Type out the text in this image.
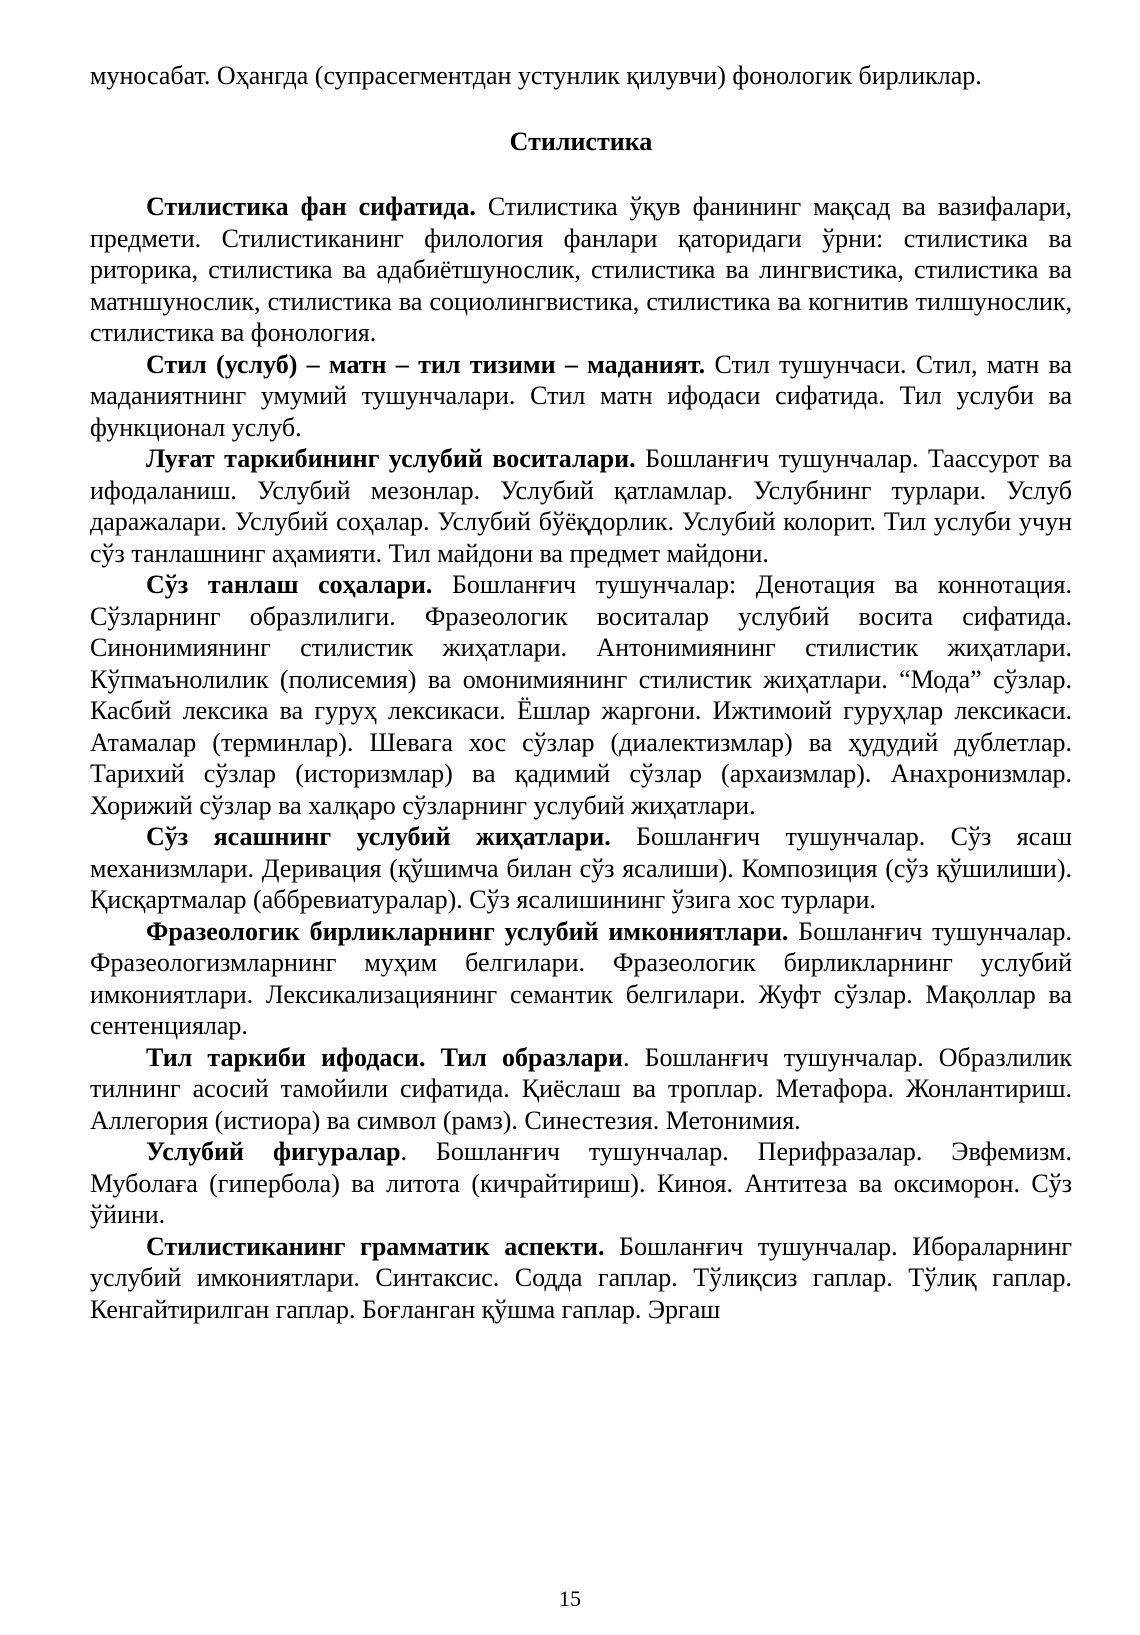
муносабат. Оҳангда (супрасегментдан устунлик қилувчи) фонологик бирликлар.

Стилистика

Стилистика фан сифатида. Стилистика ўқув фанининг мақсад ва вазифалари, предмети. Стилистиканинг филология фанлари қаторидаги ўрни: стилистика ва риторика, стилистика ва адабиётшунослик, стилистика ва лингвистика, стилистика ва матншунослик, стилистика ва социолингвистика, стилистика ва когнитив тилшунослик, стилистика ва фонология.

Стил (услуб) – матн – тил тизими – маданият. Стил тушунчаси. Стил, матн ва маданиятнинг умумий тушунчалари. Стил матн ифодаси сифатида. Тил услуби ва функционал услуб.

Луғат таркибининг услубий воситалари. Бошланғич тушунчалар. Таассурот ва ифодаланиш. Услубий мезонлар. Услубий қатламлар. Услубнинг турлари. Услуб даражалари. Услубий соҳалар. Услубий бўёқдорлик. Услубий колорит. Тил услуби учун сўз танлашнинг аҳамияти. Тил майдони ва предмет майдони.

Сўз танлаш соҳалари. Бошланғич тушунчалар: Денотация ва коннотация. Сўзларнинг образлилиги. Фразеологик воситалар услубий восита сифатида. Синонимиянинг стилистик жиҳатлари. Антонимиянинг стилистик жиҳатлари. Кўпмаънолилик (полисемия) ва омонимиянинг стилистик жиҳатлари. “Мода” сўзлар. Касбий лексика ва гуруҳ лексикаси. Ёшлар жаргони. Ижтимоий гуруҳлар лексикаси. Атамалар (терминлар). Шевага хос сўзлар (диалектизмлар) ва ҳудудий дублетлар. Тарихий сўзлар (историзмлар) ва қадимий сўзлар (архаизмлар). Анахронизмлар. Хорижий сўзлар ва халқаро сўзларнинг услубий жиҳатлари.

Сўз ясашнинг услубий жиҳатлари. Бошланғич тушунчалар. Сўз ясаш механизмлари. Деривация (қўшимча билан сўз ясалиши). Композиция (сўз қўшилиши). Қисқартмалар (аббревиатуралар). Сўз ясалишининг ўзига хос турлари.

Фразеологик бирликларнинг услубий имкониятлари. Бошланғич тушунчалар. Фразеологизмларнинг муҳим белгилари. Фразеологик бирликларнинг услубий имкониятлари. Лексикализациянинг семантик белгилари. Жуфт сўзлар. Мақоллар ва сентенциялар.

Тил таркиби ифодаси. Тил образлари. Бошланғич тушунчалар. Образлилик тилнинг асосий тамойили сифатида. Қиёслаш ва троплар. Метафора. Жонлантириш. Аллегория (истиора) ва символ (рамз). Синестезия. Метонимия.

Услубий фигуралар. Бошланғич тушунчалар. Перифразалар. Эвфемизм. Муболаға (гипербола) ва литота (кичрайтириш). Киноя. Антитеза ва оксиморон. Сўз ўйини.

Стилистиканинг грамматик аспекти. Бошланғич тушунчалар. Ибораларнинг услубий имкониятлари. Синтаксис. Содда гаплар. Тўлиқсиз гаплар. Тўлиқ гаплар. Кенгайтирилган гаплар. Боғланган қўшма гаплар. Эргаш

15
